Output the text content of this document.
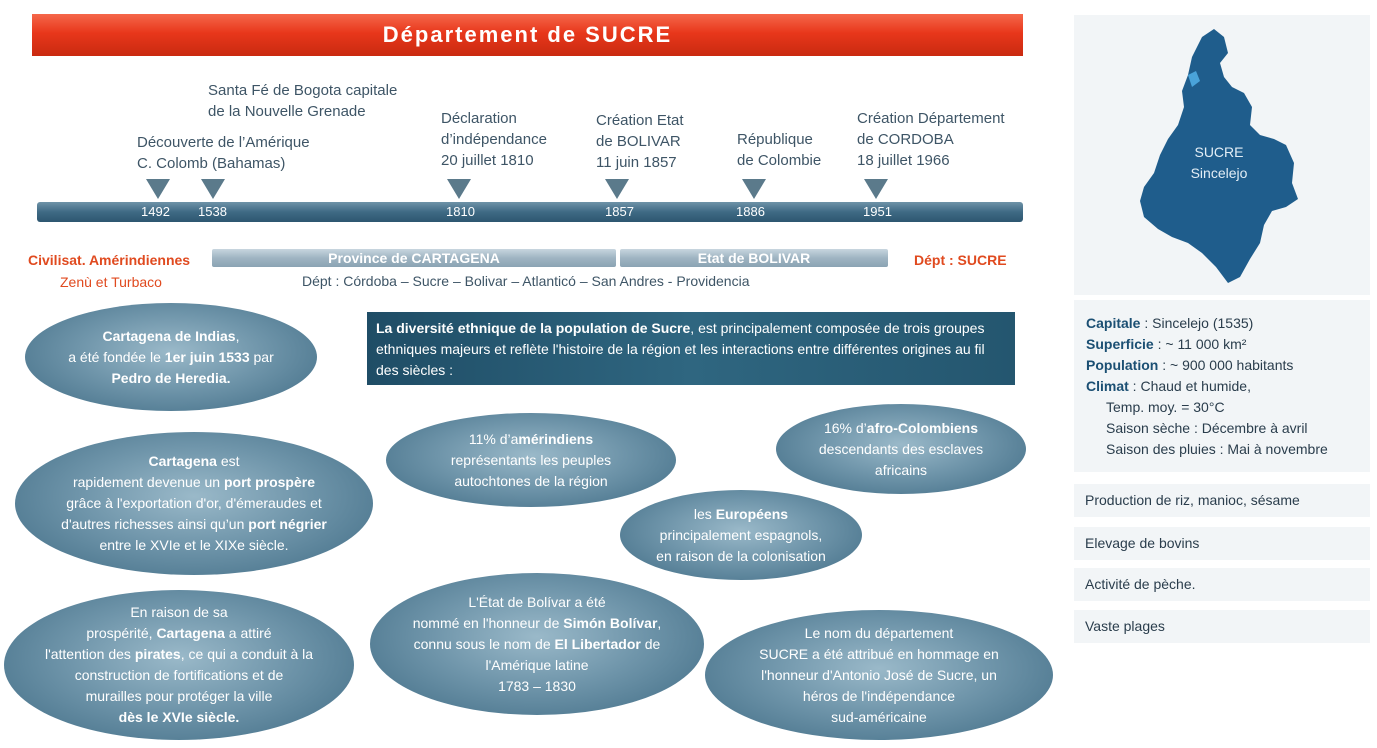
Département de SUCRE
Découverte de l’Amérique
C. Colomb (Bahamas)
Santa Fé de Bogota capitale
de la Nouvelle Grenade	Déclaration
d’indépendance
20 juillet 1810
Création Etat
de BOLIVAR
11 juin 1857
République
de Colombie
Création Département
de CORDOBA
18 juillet 1966
1492 1538	1810	1857	1886	1951
Civilisat. Amérindiennes
Zenù et Turbaco
Province de CARTAGENA	Etat de BOLIVAR	Dépt : SUCRE
Dépt : Córdoba – Sucre – Bolivar – Atlanticó – San Andres - Providencia
La diversité ethnique de la population de Sucre, est principalement composée de trois groupes ethniques majeurs et reflète l'histoire de la région et les interactions entre différentes origines au fil des siècles :
Cartagena de Indias,
a été fondée le 1er juin 1533 par
Pedro de Heredia.
Cartagena est
rapidement devenue un port prospère
grâce à l'exportation d'or, d'émeraudes et
d'autres richesses ainsi qu’un port négrier
entre le XVIe et le XIXe siècle.
En raison de sa
prospérité, Cartagena a attiré
l'attention des pirates, ce qui a conduit à la
construction de fortifications et de
murailles pour protéger la ville
dès le XVIe siècle.
11% d’amérindiens
représentants les peuples
autochtones de la région
16% d’afro-Colombiens
descendants des esclaves
africains
les Européens
principalement espagnols,
en raison de la colonisation
L'État de Bolívar a été
nommé en l'honneur de Simón Bolívar,
connu sous le nom de El Libertador de
l'Amérique latine
1783 – 1830
Le nom du département
SUCRE a été attribué en hommage en
l'honneur d'Antonio José de Sucre, un
héros de l'indépendance
sud-américaine
SUCRE
Sincelejo
Capitale : Sincelejo (1535)
Superficie : ~ 11 000 km²
Population : ~ 900 000 habitants
Climat : Chaud et humide,
Temp. moy. = 30°C
Saison sèche : Décembre à avril
Saison des pluies : Mai à novembre
Production de riz, manioc, sésame
Elevage de bovins
Activité de pèche.
Vaste plages
